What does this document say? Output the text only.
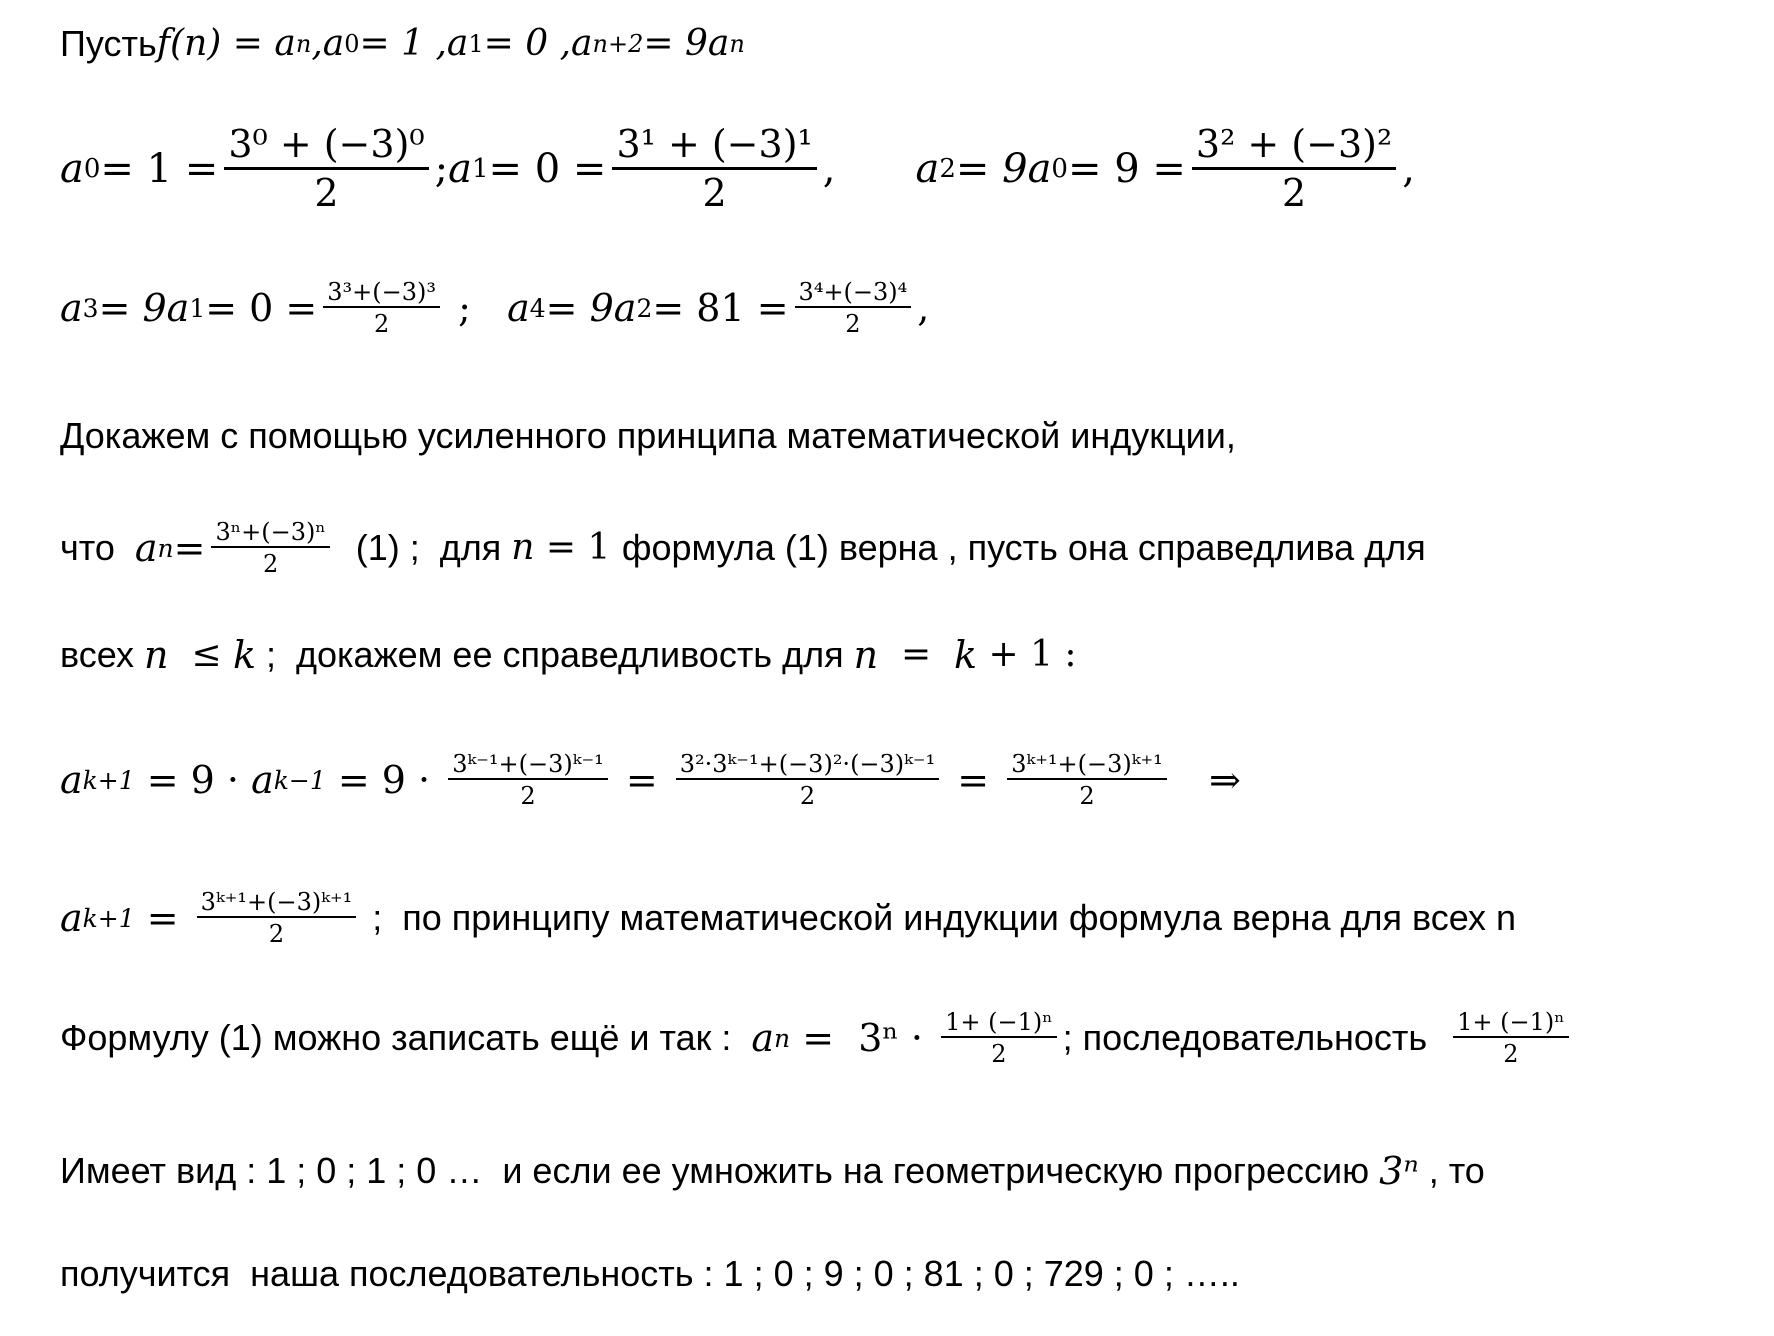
Пусть f(n) = a n ,a 0 = 1 ,a 1 = 0 ,a n+2 = 9a n
a $0 = 1 = \frac{\text{3⁰ + (−3)⁰}}{2}$ ; a $1 = 0 = \frac{\text{3¹ + (−3)¹}}{2}$ , a 2 = 9a $0 = 9 = \frac{\text{3² + (−3)²}}{2}$ ,
a 3 = 9a $1 = 0 = \frac{\text{3³+(−3)³}}{2}$ ; a 4 = 9a $2 = 81 = \frac{\text{3⁴+(−3)⁴}}{2}$ ,
Докажем с помощью усиленного принципа математической индукции,
что a $n = \frac{\text{3ⁿ+(−3)ⁿ}}{2} (1)$ ;  для n = 1 формула (1) верна , пусть она справедлива для
всех n ≤ k ;  докажем ее справедливость для n = k + 1 :
a k+1 = 9 · a $k-1 = 9 \cdot \frac{\text{3ᵏ⁻¹+(−3)ᵏ⁻¹}}{2} = \frac{\text{3²·3ᵏ⁻¹+(−3)²·(−3)ᵏ⁻¹}}{2} = \frac{\text{3ᵏ⁺¹+(−3)ᵏ⁺¹}}{2}$ ⇒
a $k+1 = \frac{\text{3ᵏ⁺¹+(−3)ᵏ⁺¹}}{2}$ ;  по принципу математической индукции формула верна для всех n
Формулу (1) можно записать ещё и так : a $n = 3^n \cdot \frac{\text{1+ (−1)ⁿ}}{2}$ ; последовательность $\frac{\text{1+ (−1)ⁿ}}{2}$
Имеет вид : 1 ; 0 ; 1 ; 0 …  и если ее умножить на геометрическую прогрессию 3ⁿ , то
получится  наша последовательность : 1 ; 0 ; 9 ; 0 ; 81 ; 0 ; 729 ; 0 ; …..
